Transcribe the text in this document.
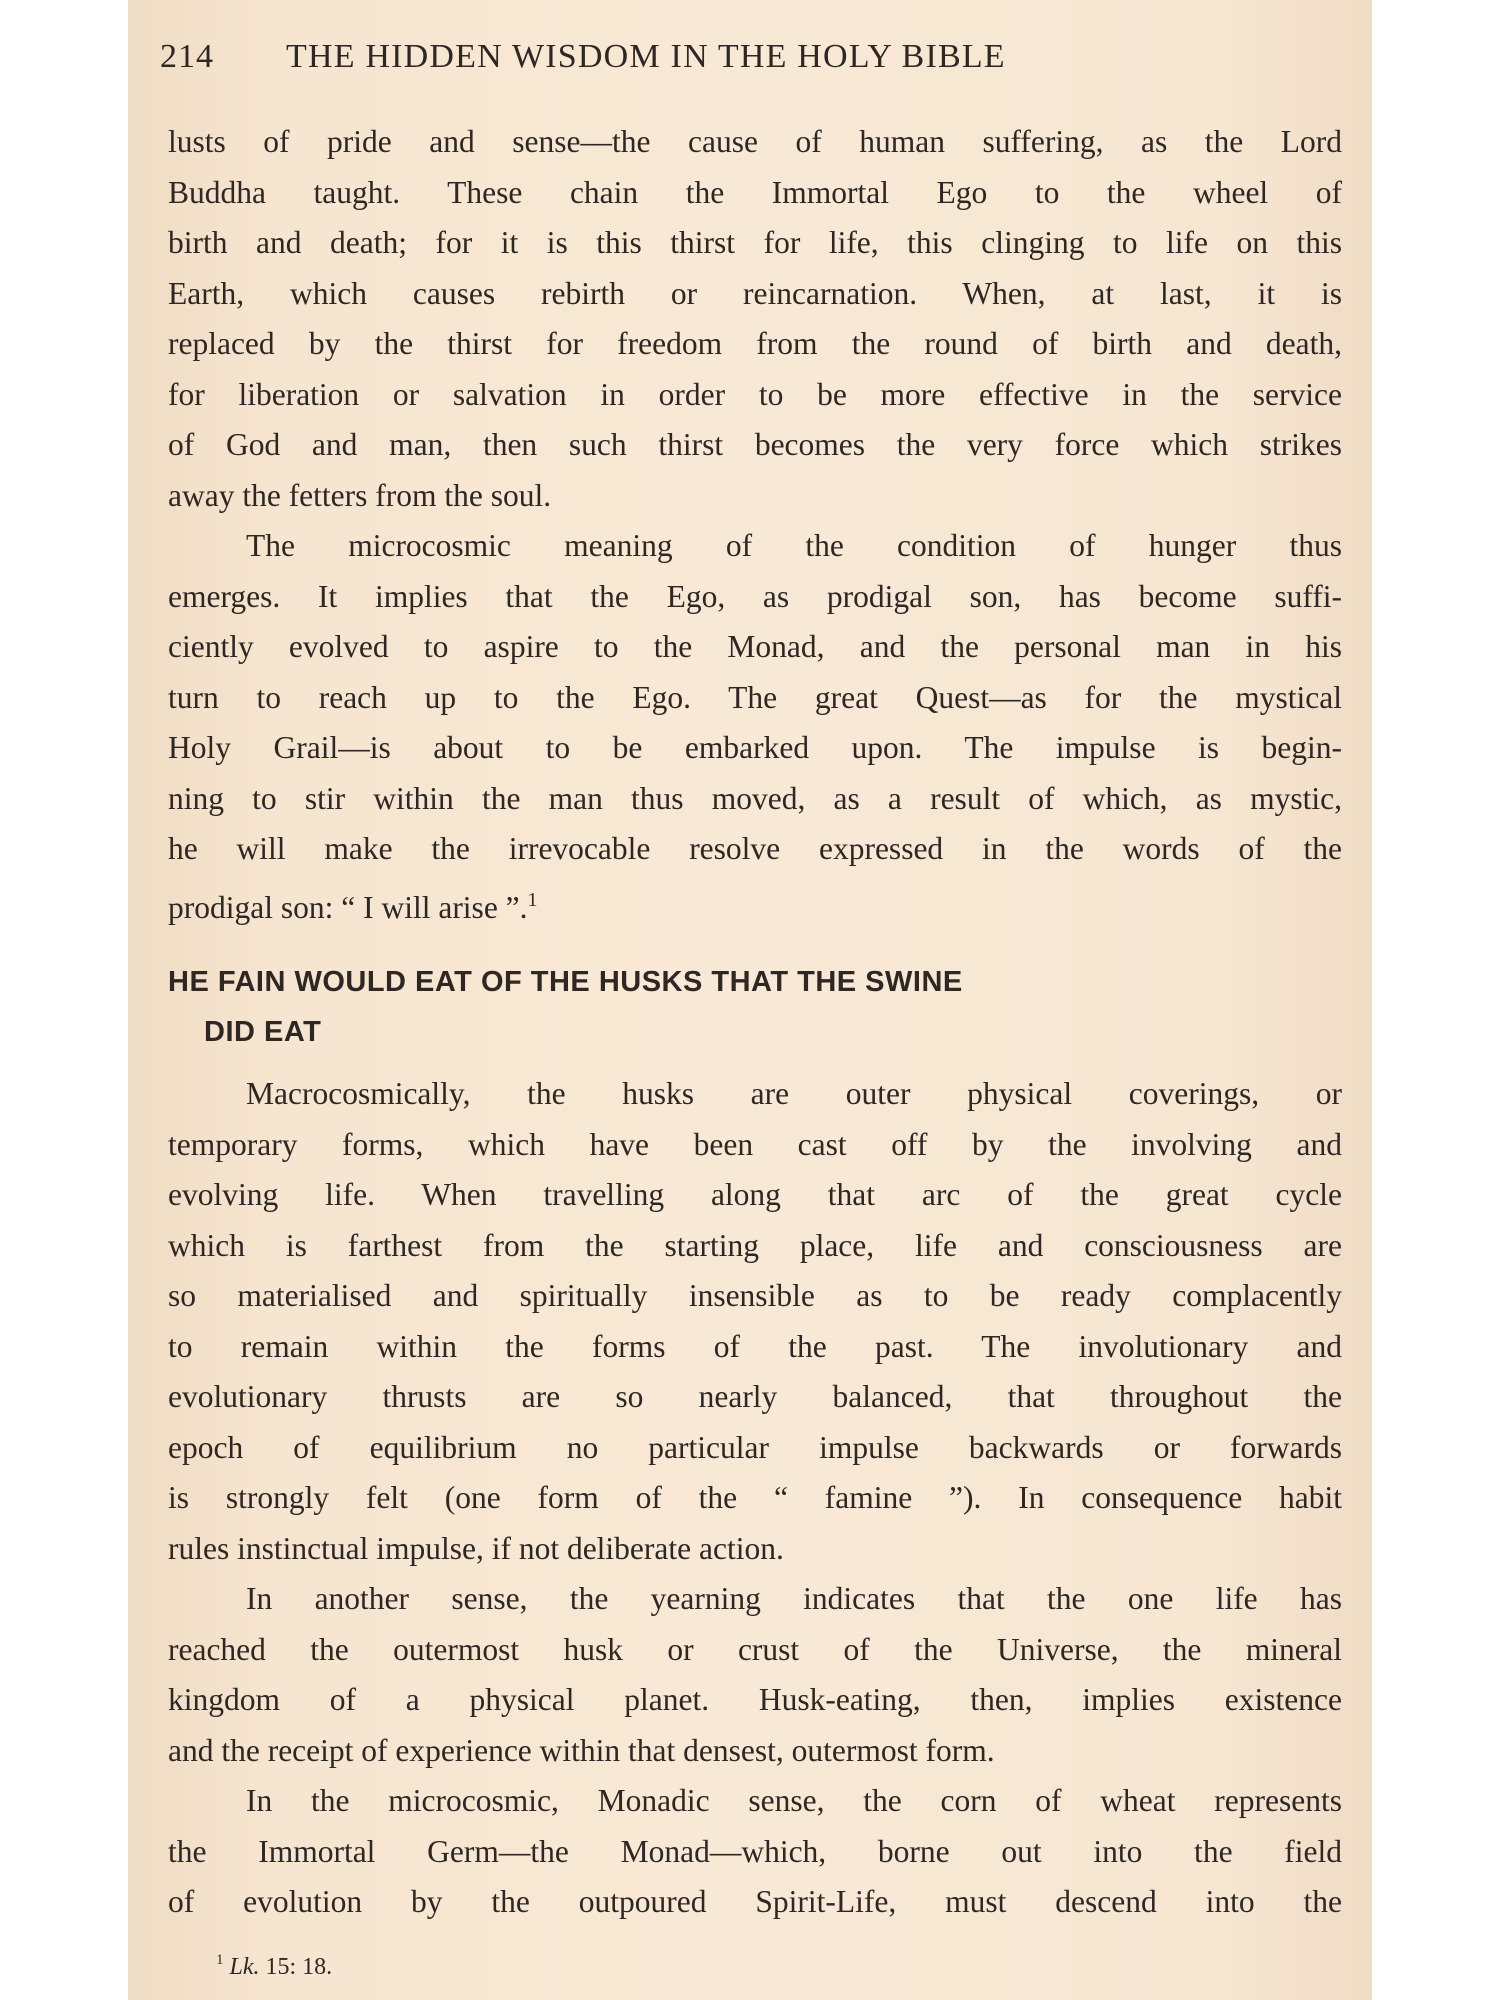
214 THE HIDDEN WISDOM IN THE HOLY BIBLE
lusts of pride and sense—the cause of human suffering, as the Lord
Buddha taught. These chain the Immortal Ego to the wheel of
birth and death; for it is this thirst for life, this clinging to life on this
Earth, which causes rebirth or reincarnation. When, at last, it is
replaced by the thirst for freedom from the round of birth and death,
for liberation or salvation in order to be more effective in the service
of God and man, then such thirst becomes the very force which strikes
away the fetters from the soul.
The microcosmic meaning of the condition of hunger thus
emerges. It implies that the Ego, as prodigal son, has become suffi-
ciently evolved to aspire to the Monad, and the personal man in his
turn to reach up to the Ego. The great Quest—as for the mystical
Holy Grail—is about to be embarked upon. The impulse is begin-
ning to stir within the man thus moved, as a result of which, as mystic,
he will make the irrevocable resolve expressed in the words of the
prodigal son: “ I will arise ”.$^1$
HE FAIN WOULD EAT OF THE HUSKS THAT THE SWINE
DID EAT
Macrocosmically, the husks are outer physical coverings, or
temporary forms, which have been cast off by the involving and
evolving life. When travelling along that arc of the great cycle
which is farthest from the starting place, life and consciousness are
so materialised and spiritually insensible as to be ready complacently
to remain within the forms of the past. The involutionary and
evolutionary thrusts are so nearly balanced, that throughout the
epoch of equilibrium no particular impulse backwards or forwards
is strongly felt (one form of the “ famine ”). In consequence habit
rules instinctual impulse, if not deliberate action.
In another sense, the yearning indicates that the one life has
reached the outermost husk or crust of the Universe, the mineral
kingdom of a physical planet. Husk-eating, then, implies existence
and the receipt of experience within that densest, outermost form.
In the microcosmic, Monadic sense, the corn of wheat represents
the Immortal Germ—the Monad—which, borne out into the field
of evolution by the outpoured Spirit-Life, must descend into the
$^1$ Lk. 15: 18.
